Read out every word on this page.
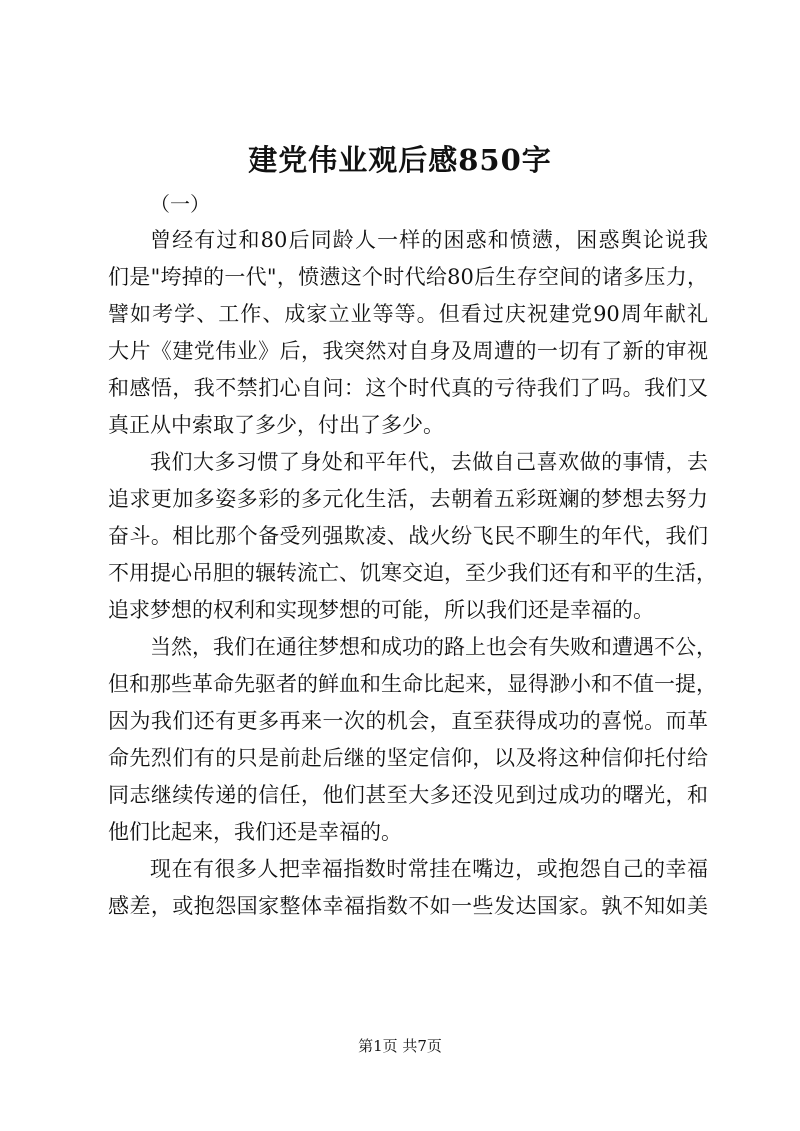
建党伟业观后感850字
（一）
曾经有过和80后同龄人一样的困惑和愤懑，困惑舆论说我
们是"垮掉的一代"，愤懑这个时代给80后生存空间的诸多压力，
譬如考学、工作、成家立业等等。但看过庆祝建党90周年献礼
大片《建党伟业》后，我突然对自身及周遭的一切有了新的审视
和感悟，我不禁扪心自问：这个时代真的亏待我们了吗。我们又
真正从中索取了多少，付出了多少。
我们大多习惯了身处和平年代，去做自己喜欢做的事情，去
追求更加多姿多彩的多元化生活，去朝着五彩斑斓的梦想去努力
奋斗。相比那个备受列强欺凌、战火纷飞民不聊生的年代，我们
不用提心吊胆的辗转流亡、饥寒交迫，至少我们还有和平的生活，
追求梦想的权利和实现梦想的可能，所以我们还是幸福的。
当然，我们在通往梦想和成功的路上也会有失败和遭遇不公，
但和那些革命先驱者的鲜血和生命比起来，显得渺小和不值一提，
因为我们还有更多再来一次的机会，直至获得成功的喜悦。而革
命先烈们有的只是前赴后继的坚定信仰，以及将这种信仰托付给
同志继续传递的信任，他们甚至大多还没见到过成功的曙光，和
他们比起来，我们还是幸福的。
现在有很多人把幸福指数时常挂在嘴边，或抱怨自己的幸福
感差，或抱怨国家整体幸福指数不如一些发达国家。孰不知如美
第1页 共7页
